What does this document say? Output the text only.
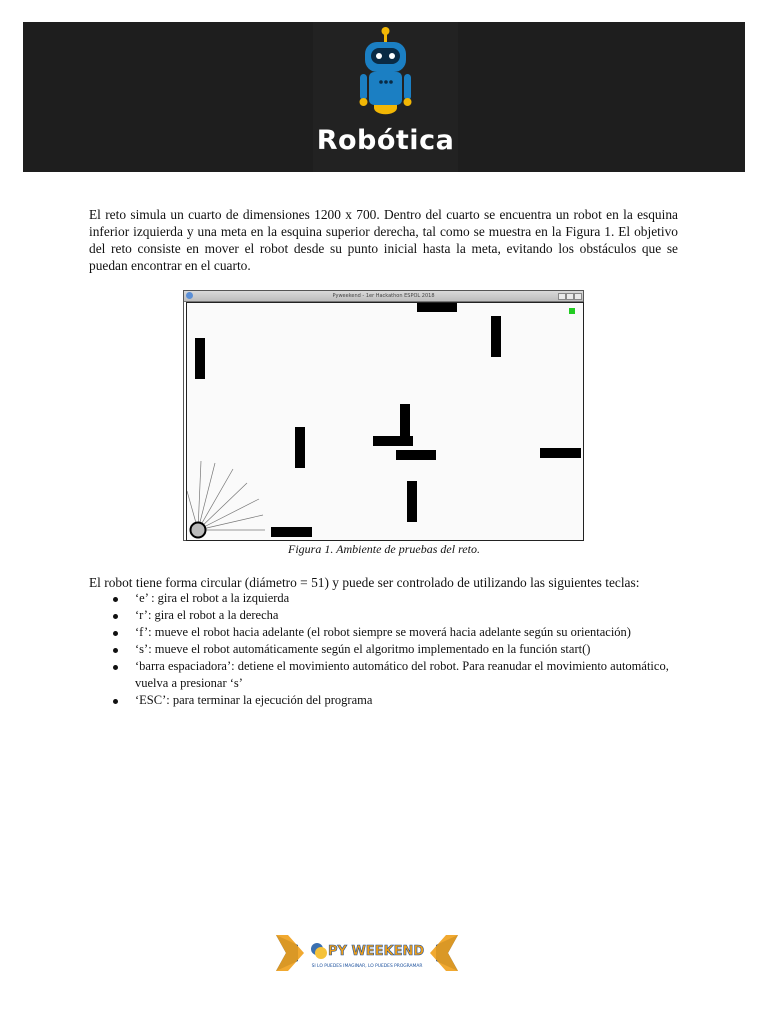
Robótica

El reto simula un cuarto de dimensiones 1200 x 700. Dentro del cuarto se encuentra un robot en la esquina inferior izquierda y una meta en la esquina superior derecha, tal como se muestra en la Figura 1. El objetivo del reto consiste en mover el robot desde su punto inicial hasta la meta, evitando los obstáculos que se puedan encontrar en el cuarto.

Pyweekend - 1er Hackathon ESPOL 2018
Figura 1. Ambiente de pruebas del reto.

El robot tiene forma circular (diámetro = 51) y puede ser controlado de utilizando las siguientes teclas:

‘e’ : gira el robot a la izquierda
‘r’: gira el robot a la derecha
‘f’: mueve el robot hacia adelante (el robot siempre se moverá hacia adelante según su orientación)
‘s’: mueve el robot automáticamente según el algoritmo implementado en la función start()
‘barra espaciadora’: detiene el movimiento automático del robot. Para reanudar el movimiento automático, vuelva a presionar ‘s’
‘ESC’: para terminar la ejecución del programa
PY WEEKEND
SI LO PUEDES IMAGINAR, LO PUEDES PROGRAMAR
